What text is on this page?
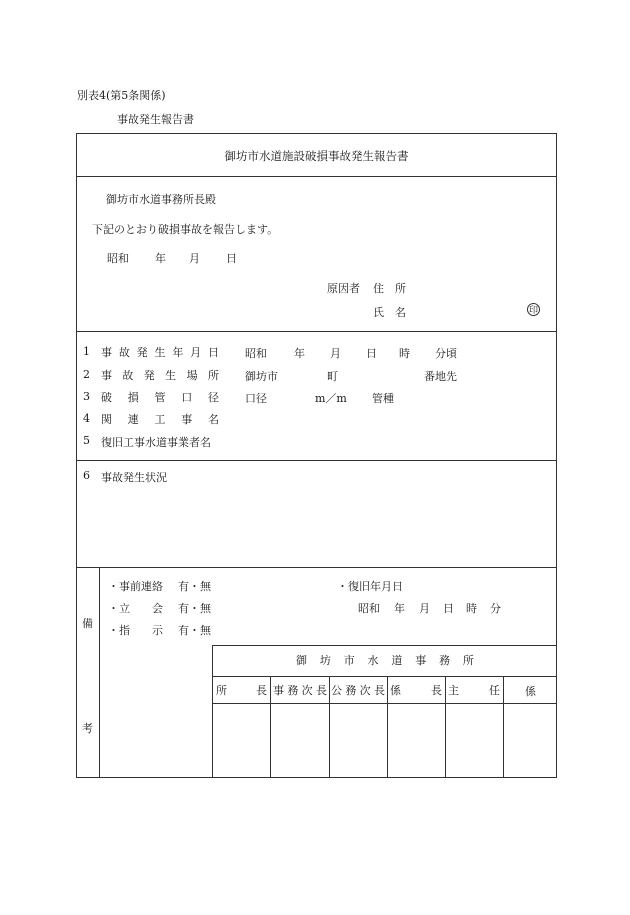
別表4(第5条関係)
事故発生報告書
御坊市水道施設破損事故発生報告書
御坊市水道事務所長殿
下記のとおり破損事故を報告します。
昭和 年 月 日
原因者 住　所
氏　名	印
1 事 故 発 生 年 月 日 昭和 年 月 日 時 分頃
2 事 故 発 生 場 所 御坊市	町	番地先
3 破 損 管 口 径 口径	m／m 管種
4 関 連 工 事 名
5 復旧工事水道事業者名
6 事故発生状況
備
考
・事前連絡 有・無
・立　　会 有・無
・指　　示 有・無
・復旧年月日
昭和 年 月 日 時 分
御 坊 市 水 道 事 務 所
所	長 事 務 次 長 公 務 次 長 係	長 主	任 係
